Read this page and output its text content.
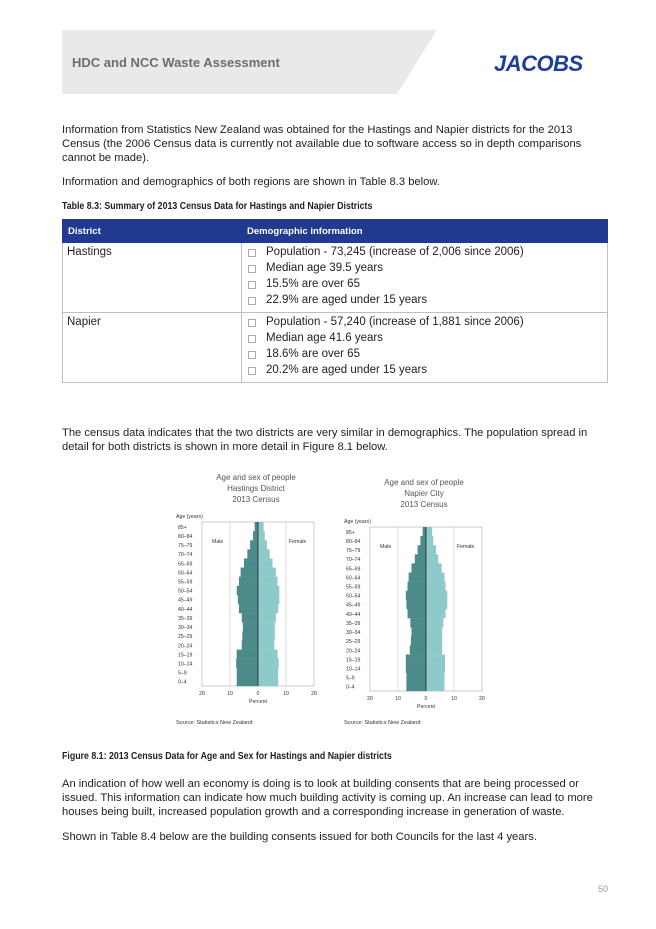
HDC and NCC Waste Assessment	JACOBS
Information from Statistics New Zealand was obtained for the Hastings and Napier districts for the 2013 Census (the 2006 Census data is currently not available due to software access so in depth comparisons cannot be made).
Information and demographics of both regions are shown in Table 8.3 below.
Table 8.3: Summary of 2013 Census Data for Hastings and Napier Districts
District	Demographic information
Hastings	Population - 73,245 (increase of 2,006 since 2006)
Median age 39.5 years
15.5% are over 65
22.9% are aged under 15 years

Napier	Population - 57,240 (increase of 1,881 since 2006)
Median age 41.6 years
18.6% are over 65
20.2% are aged under 15 years
The census data indicates that the two districts are very similar in demographics. The population spread in detail for both districts is shown in more detail in Figure 8.1 below.
Age and sex of people
Hastings District
2013 Census
0–4
5–9
10–14
15–19
20–24
25–29
30–34
35–39
40–44
45–49
50–54
55–59
60–64
65–69
70–74
75–79
80–84
85+
Age (years)
Male	Female
20	10	0	10	20
Percent
Source: Statistics New Zealand
Age and sex of people
Napier City
2013 Census
0–4
5–9
10–14
15–19
20–24
25–29
30–34
35–39
40–44
45–49
50–54
55–59
60–64
65–69
70–74
75–79
80–84
85+
Age (years)
Male	Female
20	10	0	10	20
Percent
Source: Statistics New Zealand
Figure 8.1: 2013 Census Data for Age and Sex for Hastings and Napier districts
An indication of how well an economy is doing is to look at building consents that are being processed or issued. This information can indicate how much building activity is coming up. An increase can lead to more houses being built, increased population growth and a corresponding increase in generation of waste.
Shown in Table 8.4 below are the building consents issued for both Councils for the last 4 years.
50
